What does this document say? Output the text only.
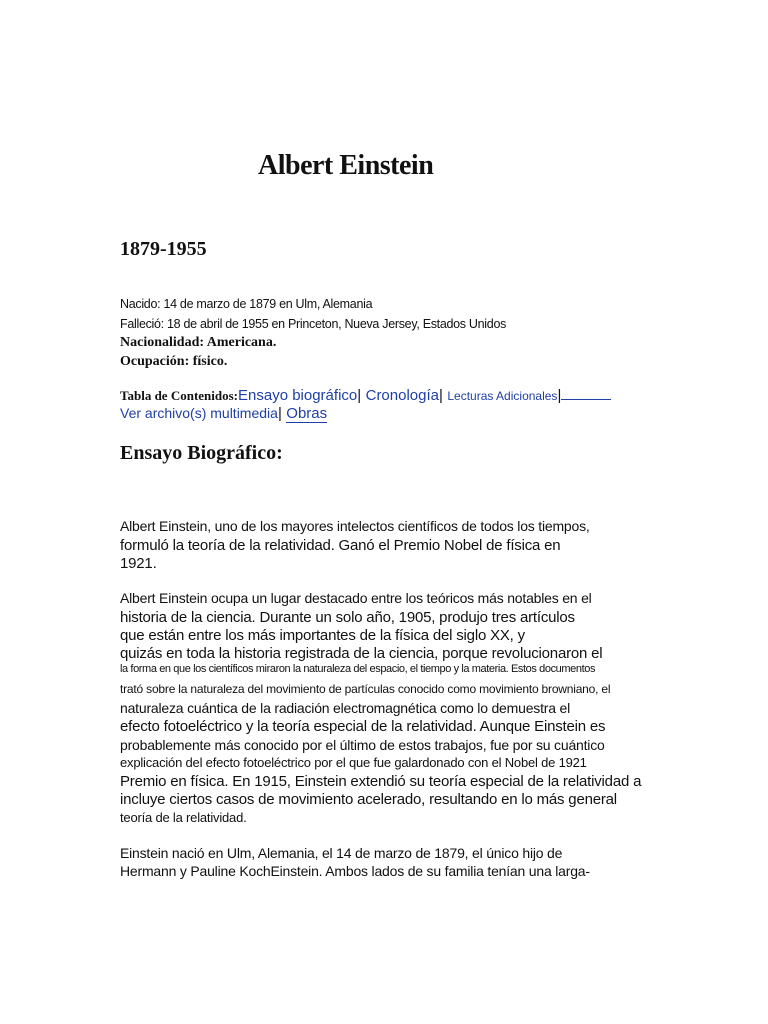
Albert Einstein
1879-1955
Nacido: 14 de marzo de 1879 en Ulm, Alemania
Falleció: 18 de abril de 1955 en Princeton, Nueva Jersey, Estados Unidos
Nacionalidad: Americana.
Ocupación: físico.
Tabla de Contenidos:Ensayo biográfico| Cronología| Lecturas Adicionales|
Ver archivo(s) multimedia| Obras
Ensayo Biográfico:
Albert Einstein, uno de los mayores intelectos científicos de todos los tiempos,
formuló la teoría de la relatividad. Ganó el Premio Nobel de física en
1921.
Albert Einstein ocupa un lugar destacado entre los teóricos más notables en el
historia de la ciencia. Durante un solo año, 1905, produjo tres artículos
que están entre los más importantes de la física del siglo XX, y
quizás en toda la historia registrada de la ciencia, porque revolucionaron el
la forma en que los científicos miraron la naturaleza del espacio, el tiempo y la materia. Estos documentos
trató sobre la naturaleza del movimiento de partículas conocido como movimiento browniano, el
naturaleza cuántica de la radiación electromagnética como lo demuestra el
efecto fotoeléctrico y la teoría especial de la relatividad. Aunque Einstein es
probablemente más conocido por el último de estos trabajos, fue por su cuántico
explicación del efecto fotoeléctrico por el que fue galardonado con el Nobel de 1921
Premio en física. En 1915, Einstein extendió su teoría especial de la relatividad a
incluye ciertos casos de movimiento acelerado, resultando en lo más general
teoría de la relatividad.
Einstein nació en Ulm, Alemania, el 14 de marzo de 1879, el único hijo de
Hermann y Pauline KochEinstein. Ambos lados de su familia tenían una larga-
